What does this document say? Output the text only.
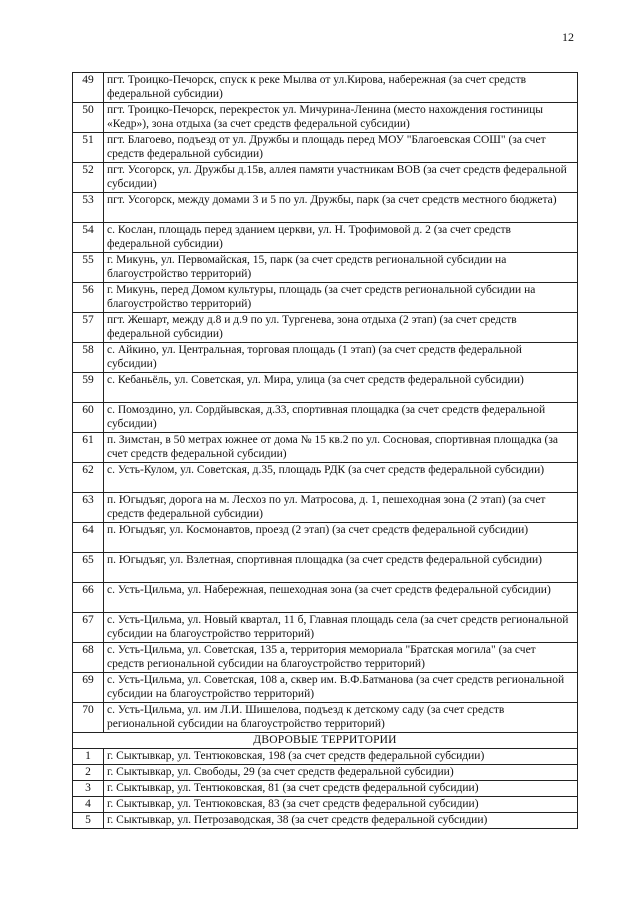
12
49	пгт. Троицко-Печорск, спуск к реке Мылва от ул.Кирова, набережная (за счет средств федеральной субсидии)
50	пгт. Троицко-Печорск, перекресток ул. Мичурина-Ленина (место нахождения гостиницы «Кедр»), зона отдыха (за счет средств федеральной субсидии)
51	пгт. Благоево, подъезд от ул. Дружбы и площадь перед МОУ "Благоевская СОШ" (за счет средств федеральной субсидии)
52	пгт. Усогорск, ул. Дружбы д.15в, аллея памяти участникам ВОВ (за счет средств федеральной субсидии)
53	пгт. Усогорск, между домами 3 и 5 по ул. Дружбы, парк (за счет средств местного бюджета)
54	с. Кослан, площадь перед зданием церкви, ул. Н. Трофимовой д. 2 (за счет средств федеральной субсидии)
55	г. Микунь, ул. Первомайская, 15, парк (за счет средств региональной субсидии на благоустройство территорий)
56	г. Микунь, перед Домом культуры, площадь (за счет средств региональной субсидии на благоустройство территорий)
57	пгт. Жешарт, между д.8 и д.9 по ул. Тургенева, зона отдыха (2 этап) (за счет средств федеральной субсидии)
58	с. Айкино, ул. Центральная, торговая площадь (1 этап) (за счет средств федеральной субсидии)
59	с. Кебаньёль, ул. Советская, ул. Мира, улица (за счет средств федеральной субсидии)
60	с. Помоздино, ул. Сордйывская, д.33, спортивная площадка (за счет средств федеральной субсидии)
61	п. Зимстан, в 50 метрах южнее от дома № 15 кв.2 по ул. Сосновая, спортивная площадка (за счет средств федеральной субсидии)
62	с. Усть-Кулом, ул. Советская, д.35, площадь РДК (за счет средств федеральной субсидии)
63	п. Югыдъяг, дорога на м. Лесхоз по ул. Матросова, д. 1, пешеходная зона (2 этап) (за счет средств федеральной субсидии)
64	п. Югыдъяг, ул. Космонавтов, проезд (2 этап) (за счет средств федеральной субсидии)
65	п. Югыдъяг, ул. Взлетная, спортивная площадка (за счет средств федеральной субсидии)
66	с. Усть-Цильма, ул. Набережная, пешеходная зона (за счет средств федеральной субсидии)
67	с. Усть-Цильма, ул. Новый квартал, 11 б, Главная площадь села (за счет средств региональной субсидии на благоустройство территорий)
68	с. Усть-Цильма, ул. Советская, 135 а, территория мемориала "Братская могила" (за счет средств региональной субсидии на благоустройство территорий)
69	с. Усть-Цильма, ул. Советская, 108 а, сквер им. В.Ф.Батманова (за счет средств региональной субсидии на благоустройство территорий)
70	с. Усть-Цильма, ул. им Л.И. Шишелова, подъезд к детскому саду (за счет средств региональной субсидии на благоустройство территорий)
ДВОРОВЫЕ ТЕРРИТОРИИ	
1	г. Сыктывкар, ул. Тентюковская, 198 (за счет средств федеральной субсидии)
2	г. Сыктывкар, ул. Свободы, 29 (за счет средств федеральной субсидии)
3	г. Сыктывкар, ул. Тентюковская, 81 (за счет средств федеральной субсидии)
4	г. Сыктывкар, ул. Тентюковская, 83 (за счет средств федеральной субсидии)
5	г. Сыктывкар, ул. Петрозаводская, 38 (за счет средств федеральной субсидии)
